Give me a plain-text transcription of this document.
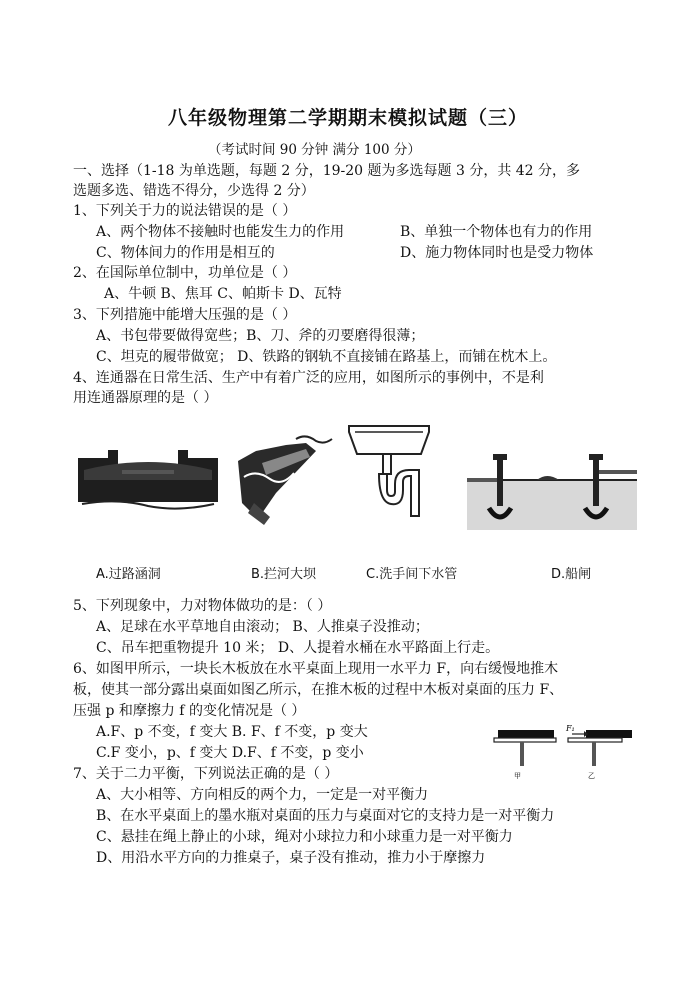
八年级物理第二学期期末模拟试题（三）
（考试时间 90 分钟 满分 100 分）
一、选择（1-18 为单选题，每题 2 分，19-20 题为多选每题 3 分，共 42 分，多
选题多选、错选不得分，少选得 2 分）
1、下列关于力的说法错误的是（ ）
A、两个物体不接触时也能发生力的作用	B、单独一个物体也有力的作用
C、物体间力的作用是相互的	D、施力物体同时也是受力物体
2、在国际单位制中，功单位是（ ）
A、牛顿 B、焦耳 C、帕斯卡 D、瓦特
3、下列措施中能增大压强的是（ ）
A、书包带要做得宽些；B、刀、斧的刃要磨得很薄；
C、坦克的履带做宽； D、铁路的钢轨不直接铺在路基上，而铺在枕木上。
4、连通器在日常生活、生产中有着广泛的应用，如图所示的事例中，不是利
用连通器原理的是（ ）
A.过路涵洞	B.拦河大坝	C.洗手间下水管	D.船闸
5、下列现象中，力对物体做功的是：（ ）
A、足球在水平草地自由滚动； B、人推桌子没推动；
C、吊车把重物提升 10 米； D、人提着水桶在水平路面上行走。
6、如图甲所示，一块长木板放在水平桌面上现用一水平力 F，向右缓慢地推木
板，使其一部分露出桌面如图乙所示，在推木板的过程中木板对桌面的压力 F、
压强 p 和摩擦力 f 的变化情况是（ ）
A.F、p 不变，f 变大 B. F、f 不变，p 变大
C.F 变小，p、f 变大 D.F、f 不变，p 变小
F₁
甲	乙
7、关于二力平衡，下列说法正确的是（ ）
A、大小相等、方向相反的两个力，一定是一对平衡力
B、在水平桌面上的墨水瓶对桌面的压力与桌面对它的支持力是一对平衡力
C、悬挂在绳上静止的小球，绳对小球拉力和小球重力是一对平衡力
D、用沿水平方向的力推桌子，桌子没有推动，推力小于摩擦力
